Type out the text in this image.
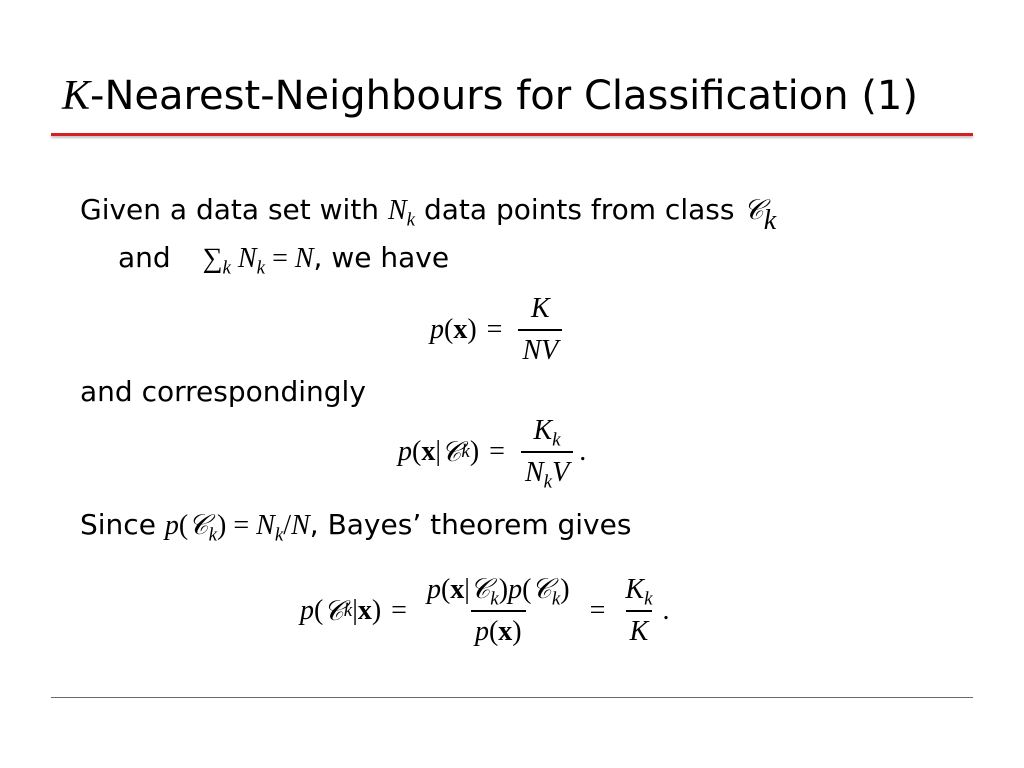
K-Nearest-Neighbours for Classification (1)
Given a data set with $N_k$ data points from class 𝒞$_k$
and $\sum_k$ $N_k = N$, we have
p ( x ) = $\frac{K}{NV}$
and correspondingly
p ( x | 𝒞 k ) = $\frac{K_k}{N_kV}$ .
Since p(𝒞$_k$) = $N_k/N$, Bayes’ theorem gives
p ( 𝒞 k | x ) = $\frac{p(x|𝒞_k)p(𝒞_k)}{p(x)} = \frac{K_k}{K}$ .
